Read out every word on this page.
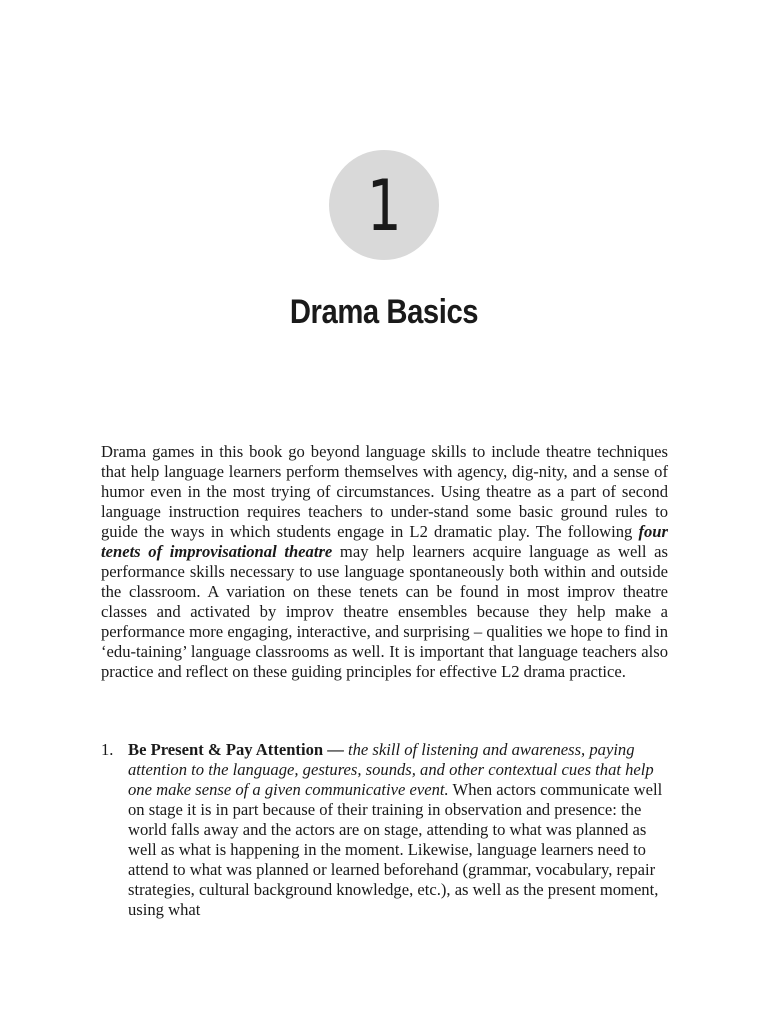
1
Drama Basics

Drama games in this book go beyond language skills to include theatre techniques that help language learners perform themselves with agency, dig-nity, and a sense of humor even in the most trying of circumstances. Using theatre as a part of second language instruction requires teachers to under-stand some basic ground rules to guide the ways in which students engage in L2 dramatic play. The following four tenets of improvisational theatre may help learners acquire language as well as performance skills necessary to use language spontaneously both within and outside the classroom. A variation on these tenets can be found in most improv theatre classes and activated by improv theatre ensembles because they help make a performance more engaging, interactive, and surprising – qualities we hope to find in ‘edu-taining’ language classrooms as well. It is important that language teachers also practice and reflect on these guiding principles for effective L2 drama practice.

1. Be Present & Pay Attention — the skill of listening and awareness, paying attention to the language, gestures, sounds, and other contextual cues that help one make sense of a given communicative event. When actors communicate well on stage it is in part because of their training in observation and presence: the world falls away and the actors are on stage, attending to what was planned as well as what is happening in the moment. Likewise, language learners need to attend to what was planned or learned beforehand (grammar, vocabulary, repair strategies, cultural background knowledge, etc.), as well as the present moment, using what
